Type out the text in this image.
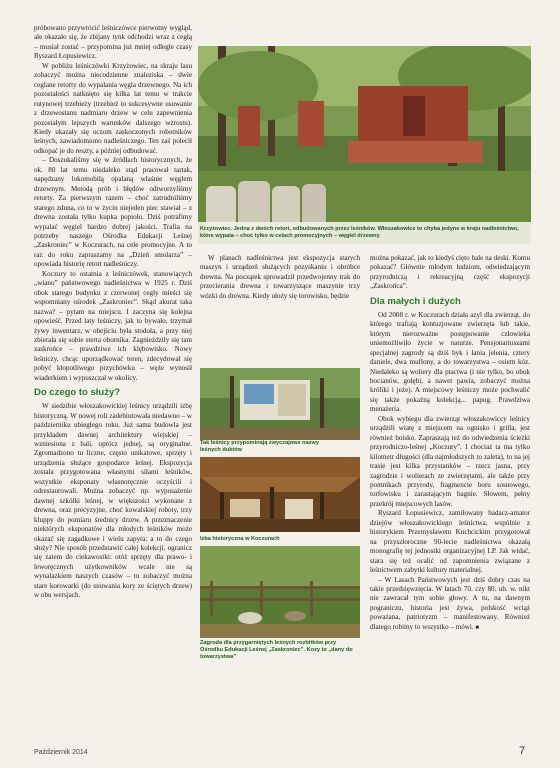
Krzyżowiec. Jedna z dwóch retort, odbudowanych przez leśników. Włoszakowice to chyba jedyne w kraju nadleśnictwo, które wypala – choć tylko w celach promocyjnych – węgiel drzewny

próbowano przywrócić leśniczówce pierwotny wygląd, ale okazało się, że zbijany tynk odchodzi wraz z cegłą – musiał zostać – przypomina już mniej odległe czasy Ryszard Łopusiewicz.

W pobliżu leśniczówki Krzyżowiec, na skraju lasu zobaczyć można niecodzienne znaleziska – dwie ceglane retorty do wypalania węgla drzewnego. Na ich pozostałości natknięto się kilka lat temu w trakcie rutynowej trzebieży (trzebież to sukcesywne usuwanie z drzewostanu nadmiaru drzew w celu zapewnienia pozostałym lepszych warunków dalszego wzrostu). Kiedy ukazały się oczom zaskoczonych robotników leśnych, zawiadomiono nadleśniczego. Ten zaś polecił odkopać je do reszty, a później odbudować.

– Doszukaliśmy się w źródłach historycznych, że ok. 80 lat temu niedaleko stąd pracował tartak, napędzany lokomobilą opalaną właśnie węglem drzewnym. Metodą prób i błędów odtworzyliśmy retorty. Za pierwszym razem – choć zatrudniliśmy starego zduna, co to w życiu niejeden piec stawiał – z drewna została tylko kupka popiołu. Dziś potrafimy wypalać węgiel bardzo dobrej jakości. Trafia na potrzeby naszego Ośrodka Edukacji Leśnej „Zaskroniec” w Koczurach, na cele promocyjne. A to raz do roku zapraszamy na „Dzień smolarza” – opowiada historię retort nadleśniczy.

Koczury to ostatnia z leśniczówek, stanowiących „wiano” państwowego nadleśnictwa w 1925 r. Dziś obok starego budynku z czerwonej cegły mieści się wspomniany ośrodek „Zaskroniec”. Skąd akurat taka nazwa? – pytam na miejscu. I zaczyna się kolejna opowieść. Przed laty leśniczy, jak to bywało, trzymał żywy inwentarz, w obejściu była stodoła, a przy niej zbierała się sobie sterta obornika. Zagnieździły się tam zaskrońce – prawdziwe ich klębowisko. Nowy leśniczy, chcąc uporządkować teren, zdecydował się pobyć kłopotliwego przychówku – węże wynosił wiaderkiem i wypuszczał w okolicy.

Do czego to służy?

W siedzibie włoszakowickiej leśnicy urządzili izbę historyczną. W nowej roli zadebiutowała niedawno – w październiku ubiegłego roku. Już sama budowla jest przykładem dawnej architektury wiejskiej – wzniesiona z bali, oprócz jednej, są oryginalne. Zgromadzono tu liczne, często unikatowe, sprzęty i urządzenia służące gospodarce leśnej. Ekspozycja została przygotowana własnymi siłami leśników, wszystkie eksponaty własnoręcznie oczyścili i odrestaurowali. Można zobaczyć np. wyposażenie dawnej szkółki leśnej, w większości wykonane z drewna, oraz precyzyjne, choć kowalskiej roboty, trzy kluppy do pomiaru średnicy drzew. A przeznaczenie niektórych eksponatów dla młodych leśników może okazać się zagadkowe i wielu zapyta: a to do czego służy? Nie sposób przedstawić całej kolekcji, ogranicz się zatem do ciekawostki: otóż sprzęty dla prawo- i leworęcznych użytkowników wcale nie są wynalazkiem naszych czasów – tu zobaczyć można stare korowarki (do usuwania kory ze ściętych drzew) w obu wersjach.

W planach nadleśnictwa jest ekspozycja starych maszyn i urządzeń służących pozyskaniu i obróbce drewna. Na początek sprowadził przedwojenny trak do przecierania drewna i towarzyszące maszynie trzy wózki do drewna. Kiedy ułoży się torowisko, będzie

Tak leśnicy przypominają zwyczajowe nazwy leśnych duktów
Izba historyczna w Koczurach
Zagroda dla przygarniętych leśnych rozbitków przy Ośrodku Edukacji Leśnej „Zaskroniec”. Kozy to „dany do towarzystwa”

można pokazać, jak to kiedyś cięto bale na deski. Komu pokazać? Głównie młodym ludziom, odwiedzającym przyrodniczą i rekreacyjną część ekspozycji „Zaskrońca”.

Dla małych i dużych

Od 2008 r. w Koczurach działa azyl dla zwierząt, do którego trafiają kontuzjowane zwierzęta lub takie, którym nierozważne postępowanie człowieka uniemożliwiło życie w naturze. Pensjonariuszami specjalnej zagrody są dziś byk i łania jelenia, cztery daniele, dwa muflony, a do towarzystwa – osiem kóz. Niedaleko są woliery dla ptactwa (i nie tylko, bo obok bocianów, gołębi, a nawet pawia, zobaczyć można króliki i jeże). A miejscowy leśniczy może pochwalić się także pokaźną kolekcją... papug. Prawdziwa menażeria.

Obok wybiegu dla zwierząt włoszakowiccy leśnicy urządzili wiatę z miejscem na ognisko i grilla, jest również boisko. Zapraszają też do odwiedzenia ścieżki przyrodniczo-leśnej „Koczury”. I chociaż ta ma tylko kilometr długości (dla najmłodszych to zaleta), to na jej trasie jest kilka przystanków – rzecz jasna, przy zagrodzie i wolierach ze zwierzętami, ale także przy pomnikach przyrody, fragmencie boru sosnowego, torfowisku i zarastającym bagnie. Słowem, pełny przekrój miejscowych lasów.

Ryszard Łopusiewicz, zamiłowany badacz-amator dziejów włoszakowickiego leśnictwa, wspólnie z historykiem Przemysławem Kuchcickim przygotował na przyszłoroczne 90-lecie nadleśnictwa okazałą monografię tej jednostki organizacyjnej LP. Jak widać, stara się też ocalić od zapomnienia związane z leśnictwem zabytki kultury materialnej.

– W Lasach Państwowych jest dziś dobry czas na takie przedsięwzięcia. W latach 70. czy 80. ub. w. nikt nie zawracał tym sobie głowy. A tu, na dawnym pograniczu, historia jest żywa, polskość wciąż poważana, patriotyzm – manifestowany. Również dlatego robimy to wszystko – mówi. ■

Październik 2014	7
